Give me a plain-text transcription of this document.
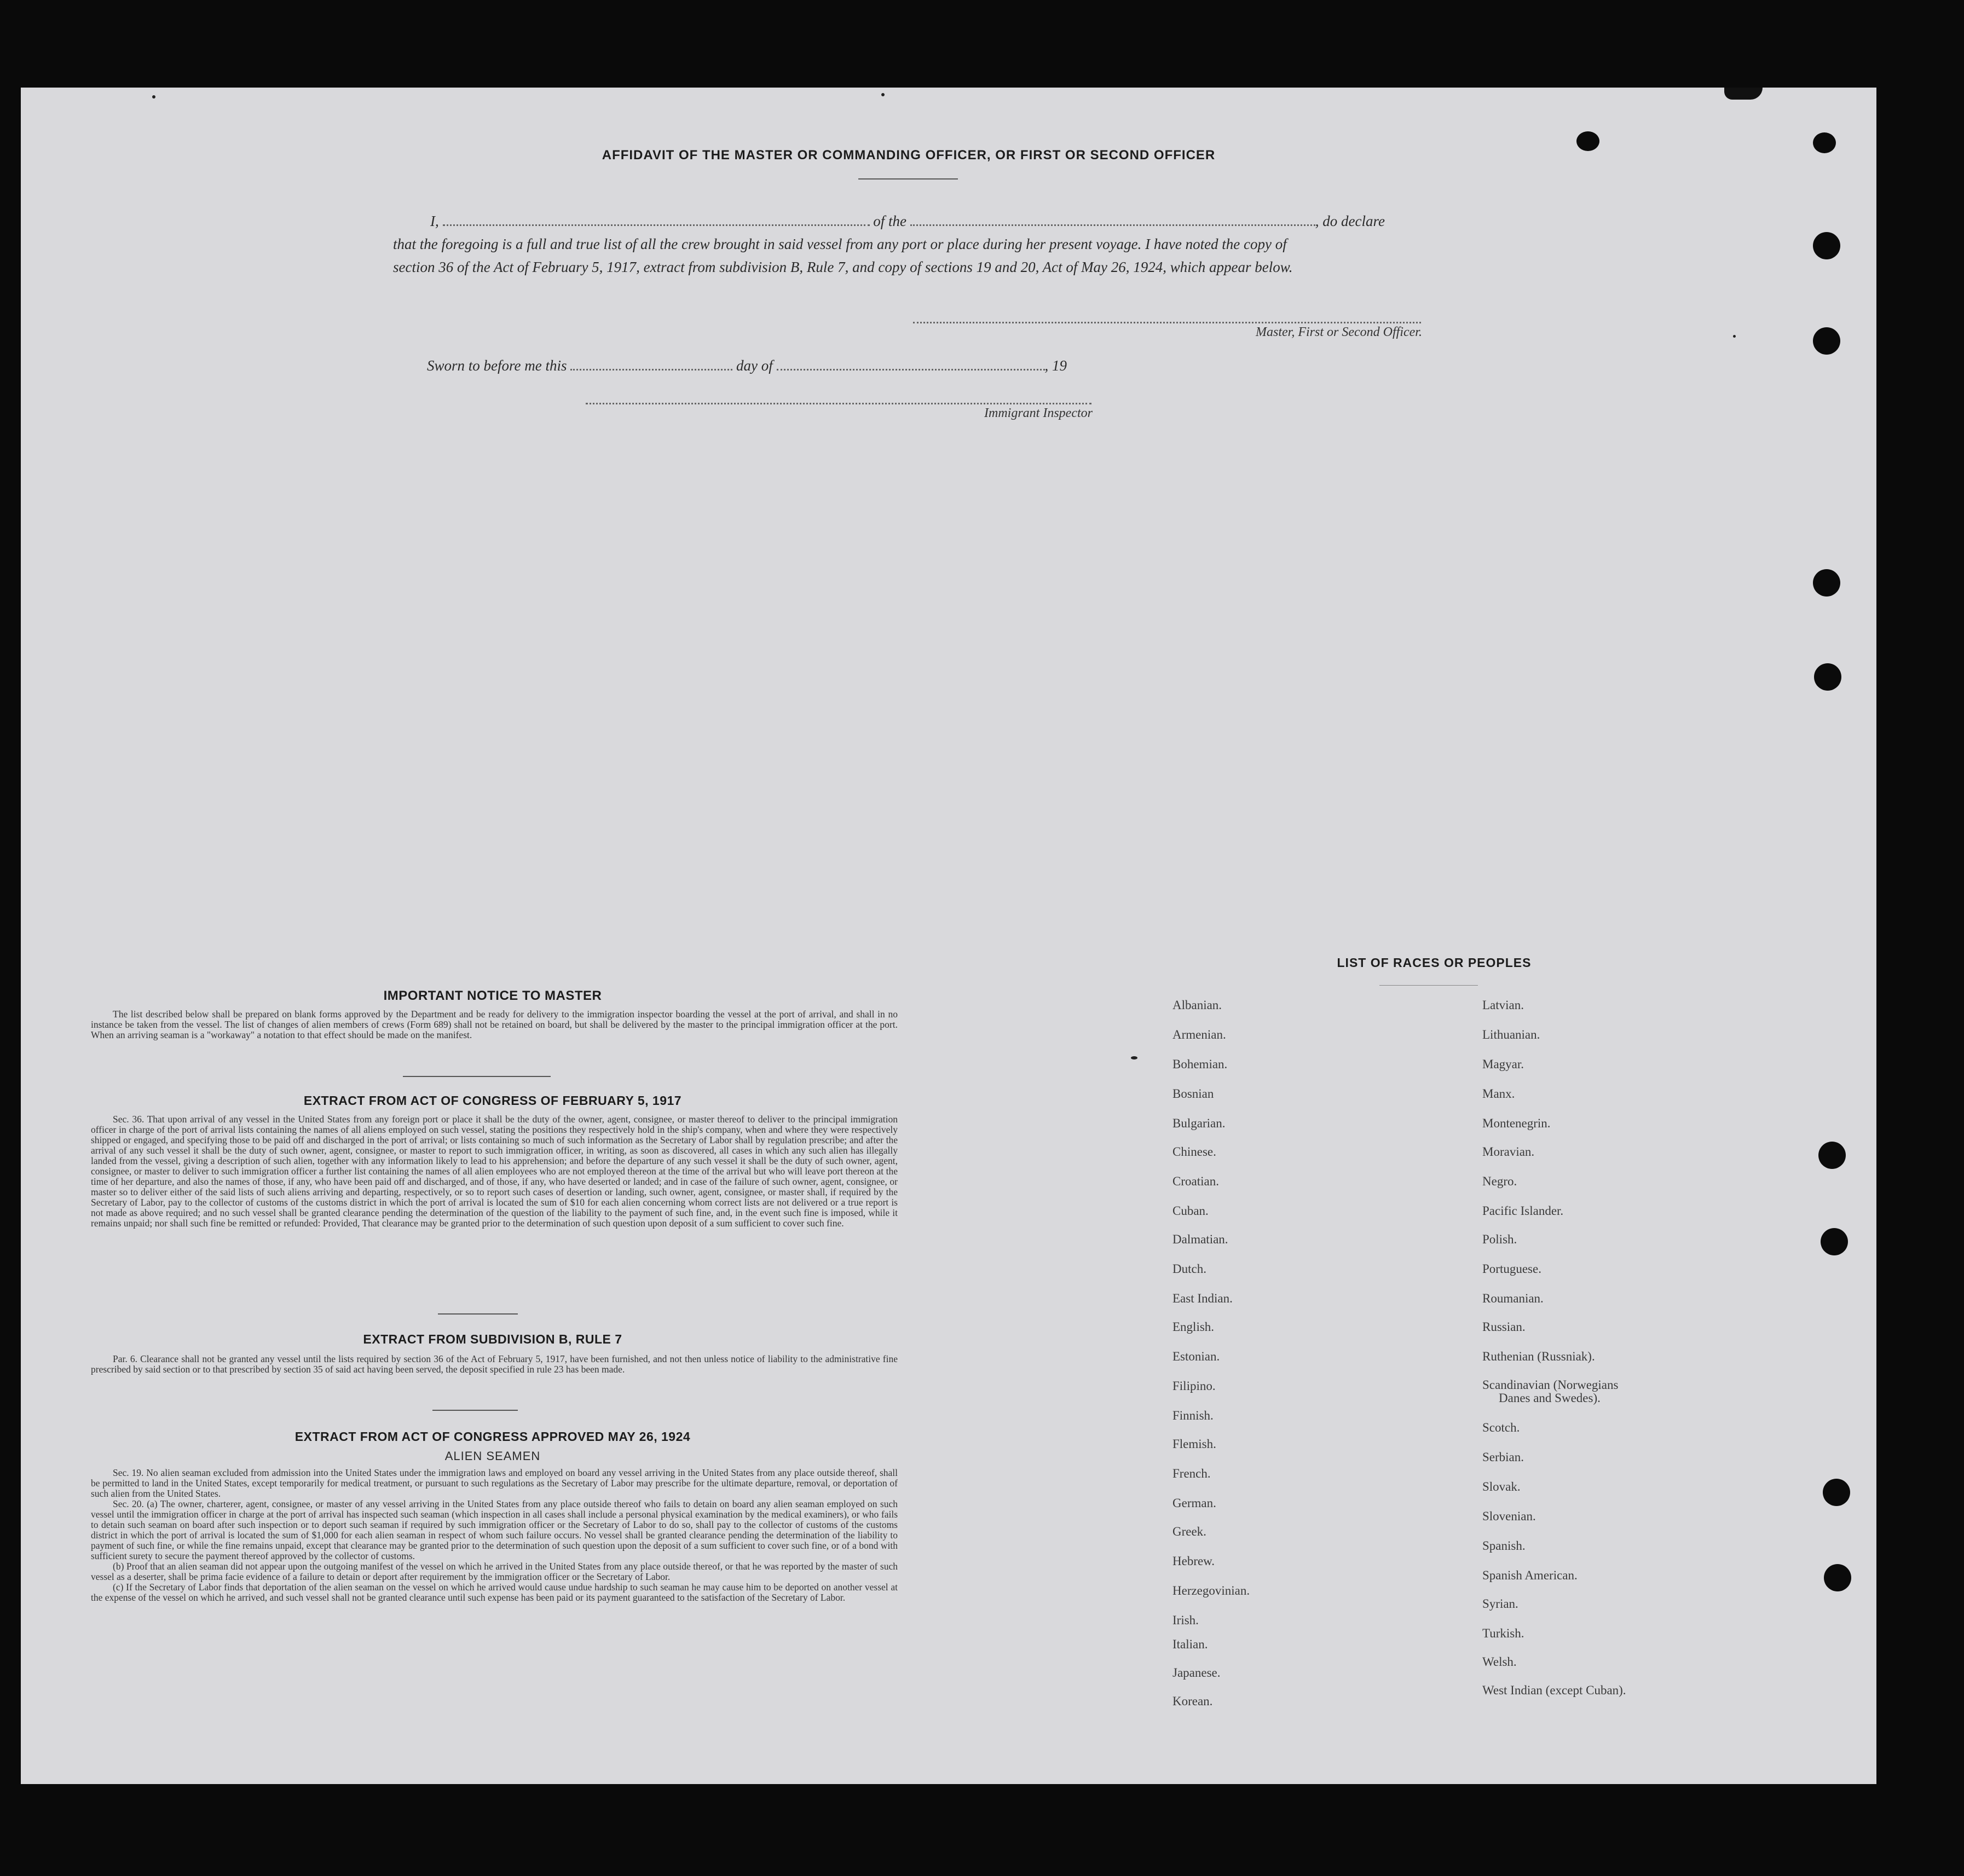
AFFIDAVIT OF THE MASTER OR COMMANDING OFFICER, OR FIRST OR SECOND OFFICER
I,	of the	, do declare
that the foregoing is a full and true list of all the crew brought in said vessel from any port or place during her present voyage. I have noted the copy of
section 36 of the Act of February 5, 1917, extract from subdivision B, Rule 7, and copy of sections 19 and 20, Act of May 26, 1924, which appear below.
Master, First or Second Officer.
Sworn to before me this	day of	, 19
Immigrant Inspector
IMPORTANT NOTICE TO MASTER

The list described below shall be prepared on blank forms approved by the Department and be ready for delivery to the immigration inspector boarding the vessel at the port of arrival, and shall in no instance be taken from the vessel. The list of changes of alien members of crews (Form 689) shall not be retained on board, but shall be delivered by the master to the principal immigration officer at the port. When an arriving seaman is a "workaway" a notation to that effect should be made on the manifest.

EXTRACT FROM ACT OF CONGRESS OF FEBRUARY 5, 1917

Sec. 36. That upon arrival of any vessel in the United States from any foreign port or place it shall be the duty of the owner, agent, consignee, or master thereof to deliver to the principal immigration officer in charge of the port of arrival lists containing the names of all aliens employed on such vessel, stating the positions they respectively hold in the ship's company, when and where they were respectively shipped or engaged, and specifying those to be paid off and discharged in the port of arrival; or lists containing so much of such information as the Secretary of Labor shall by regulation prescribe; and after the arrival of any such vessel it shall be the duty of such owner, agent, consignee, or master to report to such immigration officer, in writing, as soon as discovered, all cases in which any such alien has illegally landed from the vessel, giving a description of such alien, together with any information likely to lead to his apprehension; and before the departure of any such vessel it shall be the duty of such owner, agent, consignee, or master to deliver to such immigration officer a further list containing the names of all alien employees who are not employed thereon at the time of the arrival but who will leave port thereon at the time of her departure, and also the names of those, if any, who have been paid off and discharged, and of those, if any, who have deserted or landed; and in case of the failure of such owner, agent, consignee, or master so to deliver either of the said lists of such aliens arriving and departing, respectively, or so to report such cases of desertion or landing, such owner, agent, consignee, or master shall, if required by the Secretary of Labor, pay to the collector of customs of the customs district in which the port of arrival is located the sum of $10 for each alien concerning whom correct lists are not delivered or a true report is not made as above required; and no such vessel shall be granted clearance pending the determination of the question of the liability to the payment of such fine, and, in the event such fine is imposed, while it remains unpaid; nor shall such fine be remitted or refunded: Provided, That clearance may be granted prior to the determination of such question upon deposit of a sum sufficient to cover such fine.

EXTRACT FROM SUBDIVISION B, RULE 7

Par. 6. Clearance shall not be granted any vessel until the lists required by section 36 of the Act of February 5, 1917, have been furnished, and not then unless notice of liability to the administrative fine prescribed by said section or to that prescribed by section 35 of said act having been served, the deposit specified in rule 23 has been made.

EXTRACT FROM ACT OF CONGRESS APPROVED MAY 26, 1924
ALIEN SEAMEN

Sec. 19. No alien seaman excluded from admission into the United States under the immigration laws and employed on board any vessel arriving in the United States from any place outside thereof, shall be permitted to land in the United States, except temporarily for medical treatment, or pursuant to such regulations as the Secretary of Labor may prescribe for the ultimate departure, removal, or deportation of such alien from the United States.

Sec. 20. (a) The owner, charterer, agent, consignee, or master of any vessel arriving in the United States from any place outside thereof who fails to detain on board any alien seaman employed on such vessel until the immigration officer in charge at the port of arrival has inspected such seaman (which inspection in all cases shall include a personal physical examination by the medical examiners), or who fails to detain such seaman on board after such inspection or to deport such seaman if required by such immigration officer or the Secretary of Labor to do so, shall pay to the collector of customs of the customs district in which the port of arrival is located the sum of $1,000 for each alien seaman in respect of whom such failure occurs. No vessel shall be granted clearance pending the determination of the liability to payment of such fine, or while the fine remains unpaid, except that clearance may be granted prior to the determination of such question upon the deposit of a sum sufficient to cover such fine, or of a bond with sufficient surety to secure the payment thereof approved by the collector of customs.

(b) Proof that an alien seaman did not appear upon the outgoing manifest of the vessel on which he arrived in the United States from any place outside thereof, or that he was reported by the master of such vessel as a deserter, shall be prima facie evidence of a failure to detain or deport after requirement by the immigration officer or the Secretary of Labor.

(c) If the Secretary of Labor finds that deportation of the alien seaman on the vessel on which he arrived would cause undue hardship to such seaman he may cause him to be deported on another vessel at the expense of the vessel on which he arrived, and such vessel shall not be granted clearance until such expense has been paid or its payment guaranteed to the satisfaction of the Secretary of Labor.

LIST OF RACES OR PEOPLES
Albanian.
Armenian.
Bohemian.
Bosnian
Bulgarian.
Chinese.
Croatian.
Cuban.
Dalmatian.
Dutch.
East Indian.
English.
Estonian.
Filipino.
Finnish.
Flemish.
French.
German.
Greek.
Hebrew.
Herzegovinian.
Irish.
Italian.
Japanese.
Korean.
Latvian.
Lithuanian.
Magyar.
Manx.
Montenegrin.
Moravian.
Negro.
Pacific Islander.
Polish.
Portuguese.
Roumanian.
Russian.
Ruthenian (Russniak).
Scandinavian (Norwegians
Danes and Swedes).
Scotch.
Serbian.
Slovak.
Slovenian.
Spanish.
Spanish American.
Syrian.
Turkish.
Welsh.
West Indian (except Cuban).
